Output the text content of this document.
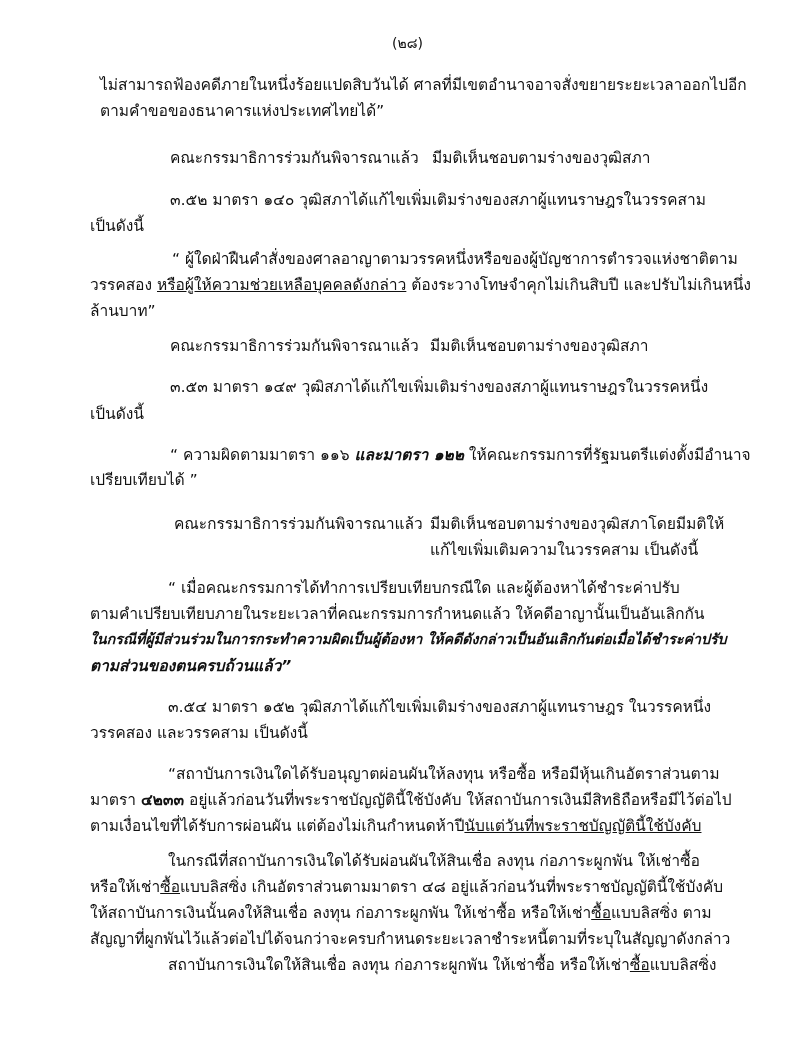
(๒๘)
ไม่สามารถฟ้องคดีภายในหนึ่งร้อยแปดสิบวันได้ ศาลที่มีเขตอำนาจอาจสั่งขยายระยะเวลาออกไปอีก
ตามคำขอของธนาคารแห่งประเทศไทยได้”
คณะกรรมาธิการร่วมกันพิจารณาแล้ว มีมติเห็นชอบตามร่างของวุฒิสภา
๓.๕๒ มาตรา ๑๔๐ วุฒิสภาได้แก้ไขเพิ่มเติมร่างของสภาผู้แทนราษฎรในวรรคสาม
เป็นดังนี้
“ ผู้ใดฝ่าฝืนคำสั่งของศาลอาญาตามวรรคหนึ่งหรือของผู้บัญชาการตำรวจแห่งชาติตาม
วรรคสอง หรือผู้ให้ความช่วยเหลือบุคคลดังกล่าว ต้องระวางโทษจำคุกไม่เกินสิบปี และปรับไม่เกินหนึ่ง
ล้านบาท”
คณะกรรมาธิการร่วมกันพิจารณาแล้ว มีมติเห็นชอบตามร่างของวุฒิสภา
๓.๕๓ มาตรา ๑๔๙ วุฒิสภาได้แก้ไขเพิ่มเติมร่างของสภาผู้แทนราษฎรในวรรคหนึ่ง
เป็นดังนี้
“ ความผิดตามมาตรา ๑๑๖ และมาตรา ๑๒๒ ให้คณะกรรมการที่รัฐมนตรีแต่งตั้งมีอำนาจ
เปรียบเทียบได้ ”
คณะกรรมาธิการร่วมกันพิจารณาแล้ว มีมติเห็นชอบตามร่างของวุฒิสภาโดยมีมติให้
แก้ไขเพิ่มเติมความในวรรคสาม เป็นดังนี้
“ เมื่อคณะกรรมการได้ทำการเปรียบเทียบกรณีใด และผู้ต้องหาได้ชำระค่าปรับ
ตามคำเปรียบเทียบภายในระยะเวลาที่คณะกรรมการกำหนดแล้ว ให้คดีอาญานั้นเป็นอันเลิกกัน
ในกรณีที่ผู้มีส่วนร่วมในการกระทำความผิดเป็นผู้ต้องหา ให้คดีดังกล่าวเป็นอันเลิกกันต่อเมื่อได้ชำระค่าปรับ
ตามส่วนของตนครบถ้วนแล้ว”
๓.๕๔ มาตรา ๑๕๒ วุฒิสภาได้แก้ไขเพิ่มเติมร่างของสภาผู้แทนราษฎร ในวรรคหนึ่ง
วรรคสอง และวรรคสาม เป็นดังนี้
“สถาบันการเงินใดได้รับอนุญาตผ่อนผันให้ลงทุน หรือซื้อ หรือมีหุ้นเกินอัตราส่วนตาม
มาตรา ๔๒๓๓ อยู่แล้วก่อนวันที่พระราชบัญญัตินี้ใช้บังคับ ให้สถาบันการเงินมีสิทธิถือหรือมีไว้ต่อไป
ตามเงื่อนไขที่ได้รับการผ่อนผัน แต่ต้องไม่เกินกำหนดห้าปีนับแต่วันที่พระราชบัญญัตินี้ใช้บังคับ
ในกรณีที่สถาบันการเงินใดได้รับผ่อนผันให้สินเชื่อ ลงทุน ก่อภาระผูกพัน ให้เช่าซื้อ
หรือให้เช่าซื้อแบบลิสซิ่ง เกินอัตราส่วนตามมาตรา ๔๘ อยู่แล้วก่อนวันที่พระราชบัญญัตินี้ใช้บังคับ
ให้สถาบันการเงินนั้นคงให้สินเชื่อ ลงทุน ก่อภาระผูกพัน ให้เช่าซื้อ หรือให้เช่าซื้อแบบลิสซิ่ง ตาม
สัญญาที่ผูกพันไว้แล้วต่อไปได้จนกว่าจะครบกำหนดระยะเวลาชำระหนี้ตามที่ระบุในสัญญาดังกล่าว
สถาบันการเงินใดให้สินเชื่อ ลงทุน ก่อภาระผูกพัน ให้เช่าซื้อ หรือให้เช่าซื้อแบบลิสซิ่ง
